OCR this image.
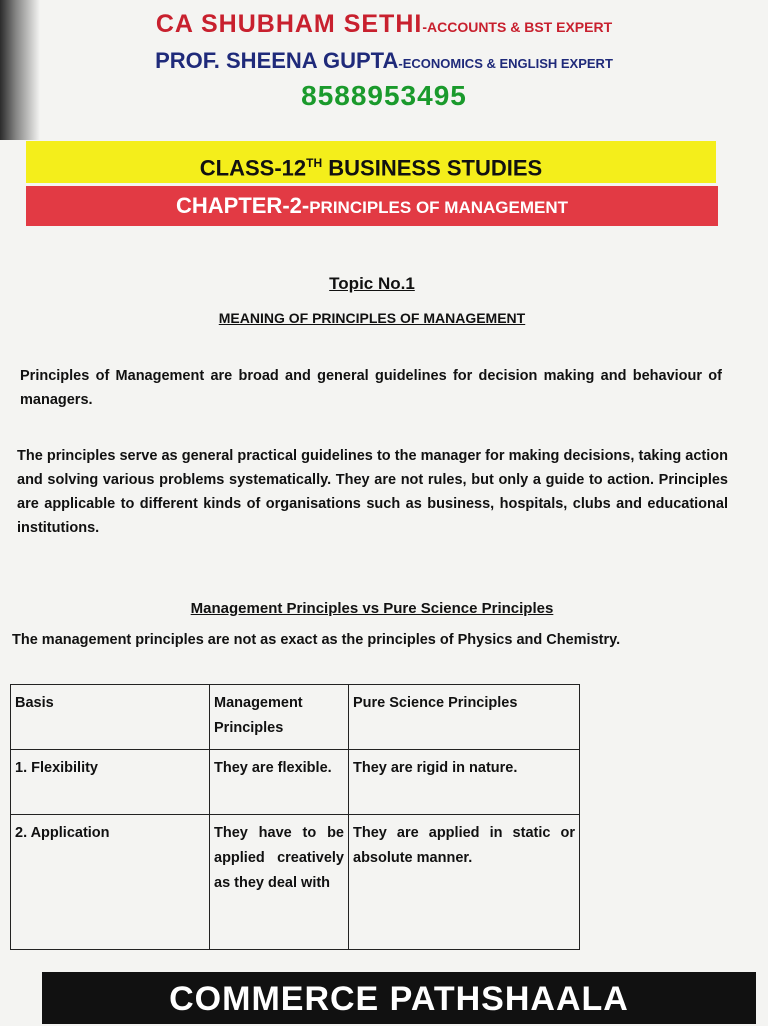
CA SHUBHAM SETHI-ACCOUNTS & BST EXPERT
PROF. SHEENA GUPTA-ECONOMICS & ENGLISH EXPERT
8588953495
CLASS-12TH BUSINESS STUDIES
CHAPTER-2-PRINCIPLES OF MANAGEMENT
Topic No.1
MEANING OF PRINCIPLES OF MANAGEMENT
Principles of Management are broad and general guidelines for decision making and behaviour of managers.
The principles serve as general practical guidelines to the manager for making decisions, taking action and solving various problems systematically. They are not rules, but only a guide to action. Principles are applicable to different kinds of organisations such as business, hospitals, clubs and educational institutions.
Management Principles vs Pure Science Principles
The management principles are not as exact as the principles of Physics and Chemistry.
Basis	Management Principles	Pure Science Principles
1. Flexibility	They are flexible.	They are rigid in nature.
2. Application	They have to be applied creatively as they deal with	They are applied in static or absolute manner.
COMMERCE PATHSHAALA
